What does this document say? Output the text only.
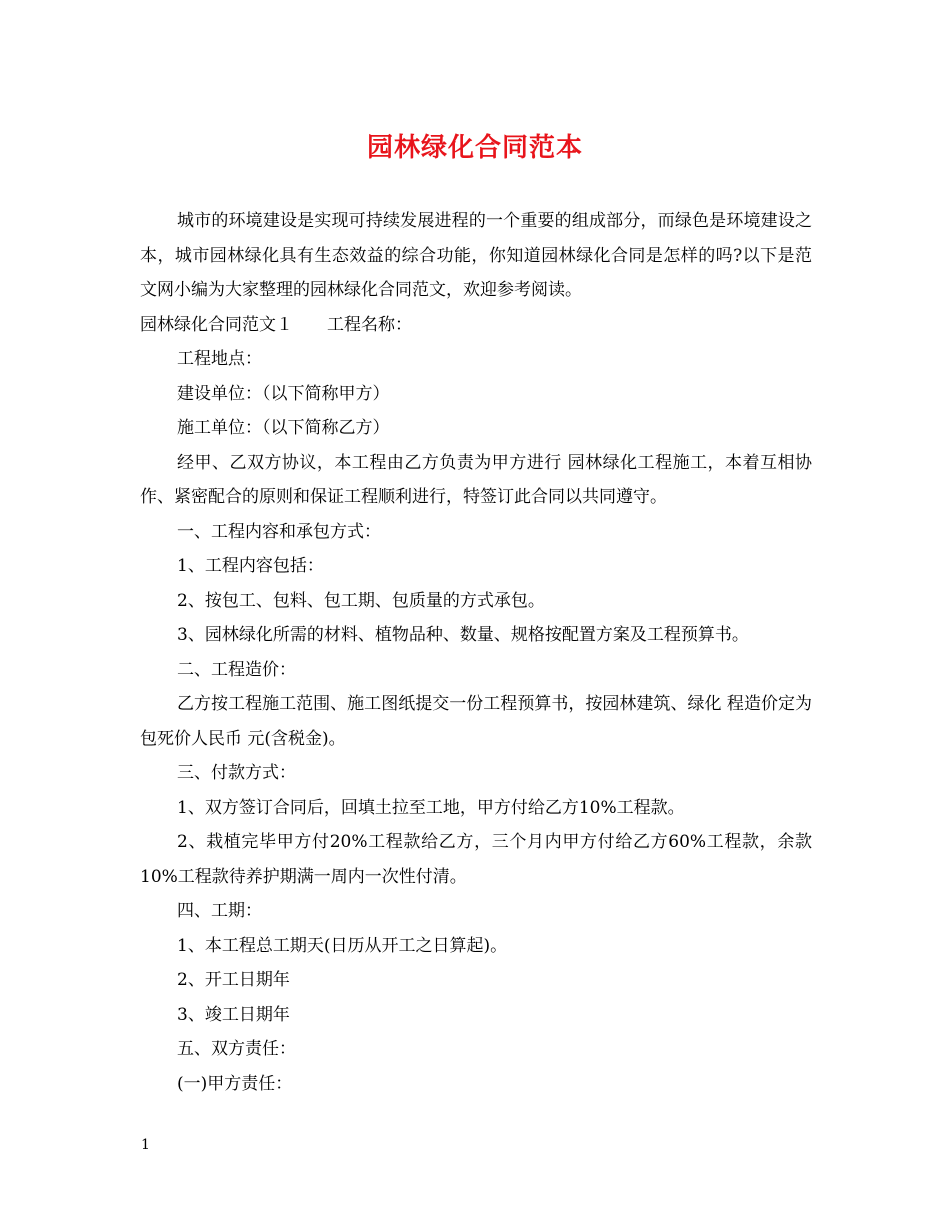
园林绿化合同范本

城市的环境建设是实现可持续发展进程的一个重要的组成部分，而绿色是环境建设之本，城市园林绿化具有生态效益的综合功能，你知道园林绿化合同是怎样的吗?以下是范文网小编为大家整理的园林绿化合同范文，欢迎参考阅读。

园林绿化合同范文１ 工程名称：

工程地点：

建设单位：（以下简称甲方）

施工单位：（以下简称乙方）

经甲、乙双方协议，本工程由乙方负责为甲方进行 园林绿化工程施工，本着互相协作、紧密配合的原则和保证工程顺利进行，特签订此合同以共同遵守。

一、工程内容和承包方式：

1、工程内容包括：

2、按包工、包料、包工期、包质量的方式承包。

3、园林绿化所需的材料、植物品种、数量、规格按配置方案及工程预算书。

二、工程造价：

乙方按工程施工范围、施工图纸提交一份工程预算书，按园林建筑、绿化 程造价定为包死价人民币 元(含税金)。

三、付款方式：

1、双方签订合同后，回填土拉至工地，甲方付给乙方10%工程款。

2、栽植完毕甲方付20%工程款给乙方，三个月内甲方付给乙方60%工程款，余款10%工程款待养护期满一周内一次性付清。

四、工期：

1、本工程总工期天(日历从开工之日算起)。

2、开工日期年

3、竣工日期年

五、双方责任：

(一)甲方责任：

1
